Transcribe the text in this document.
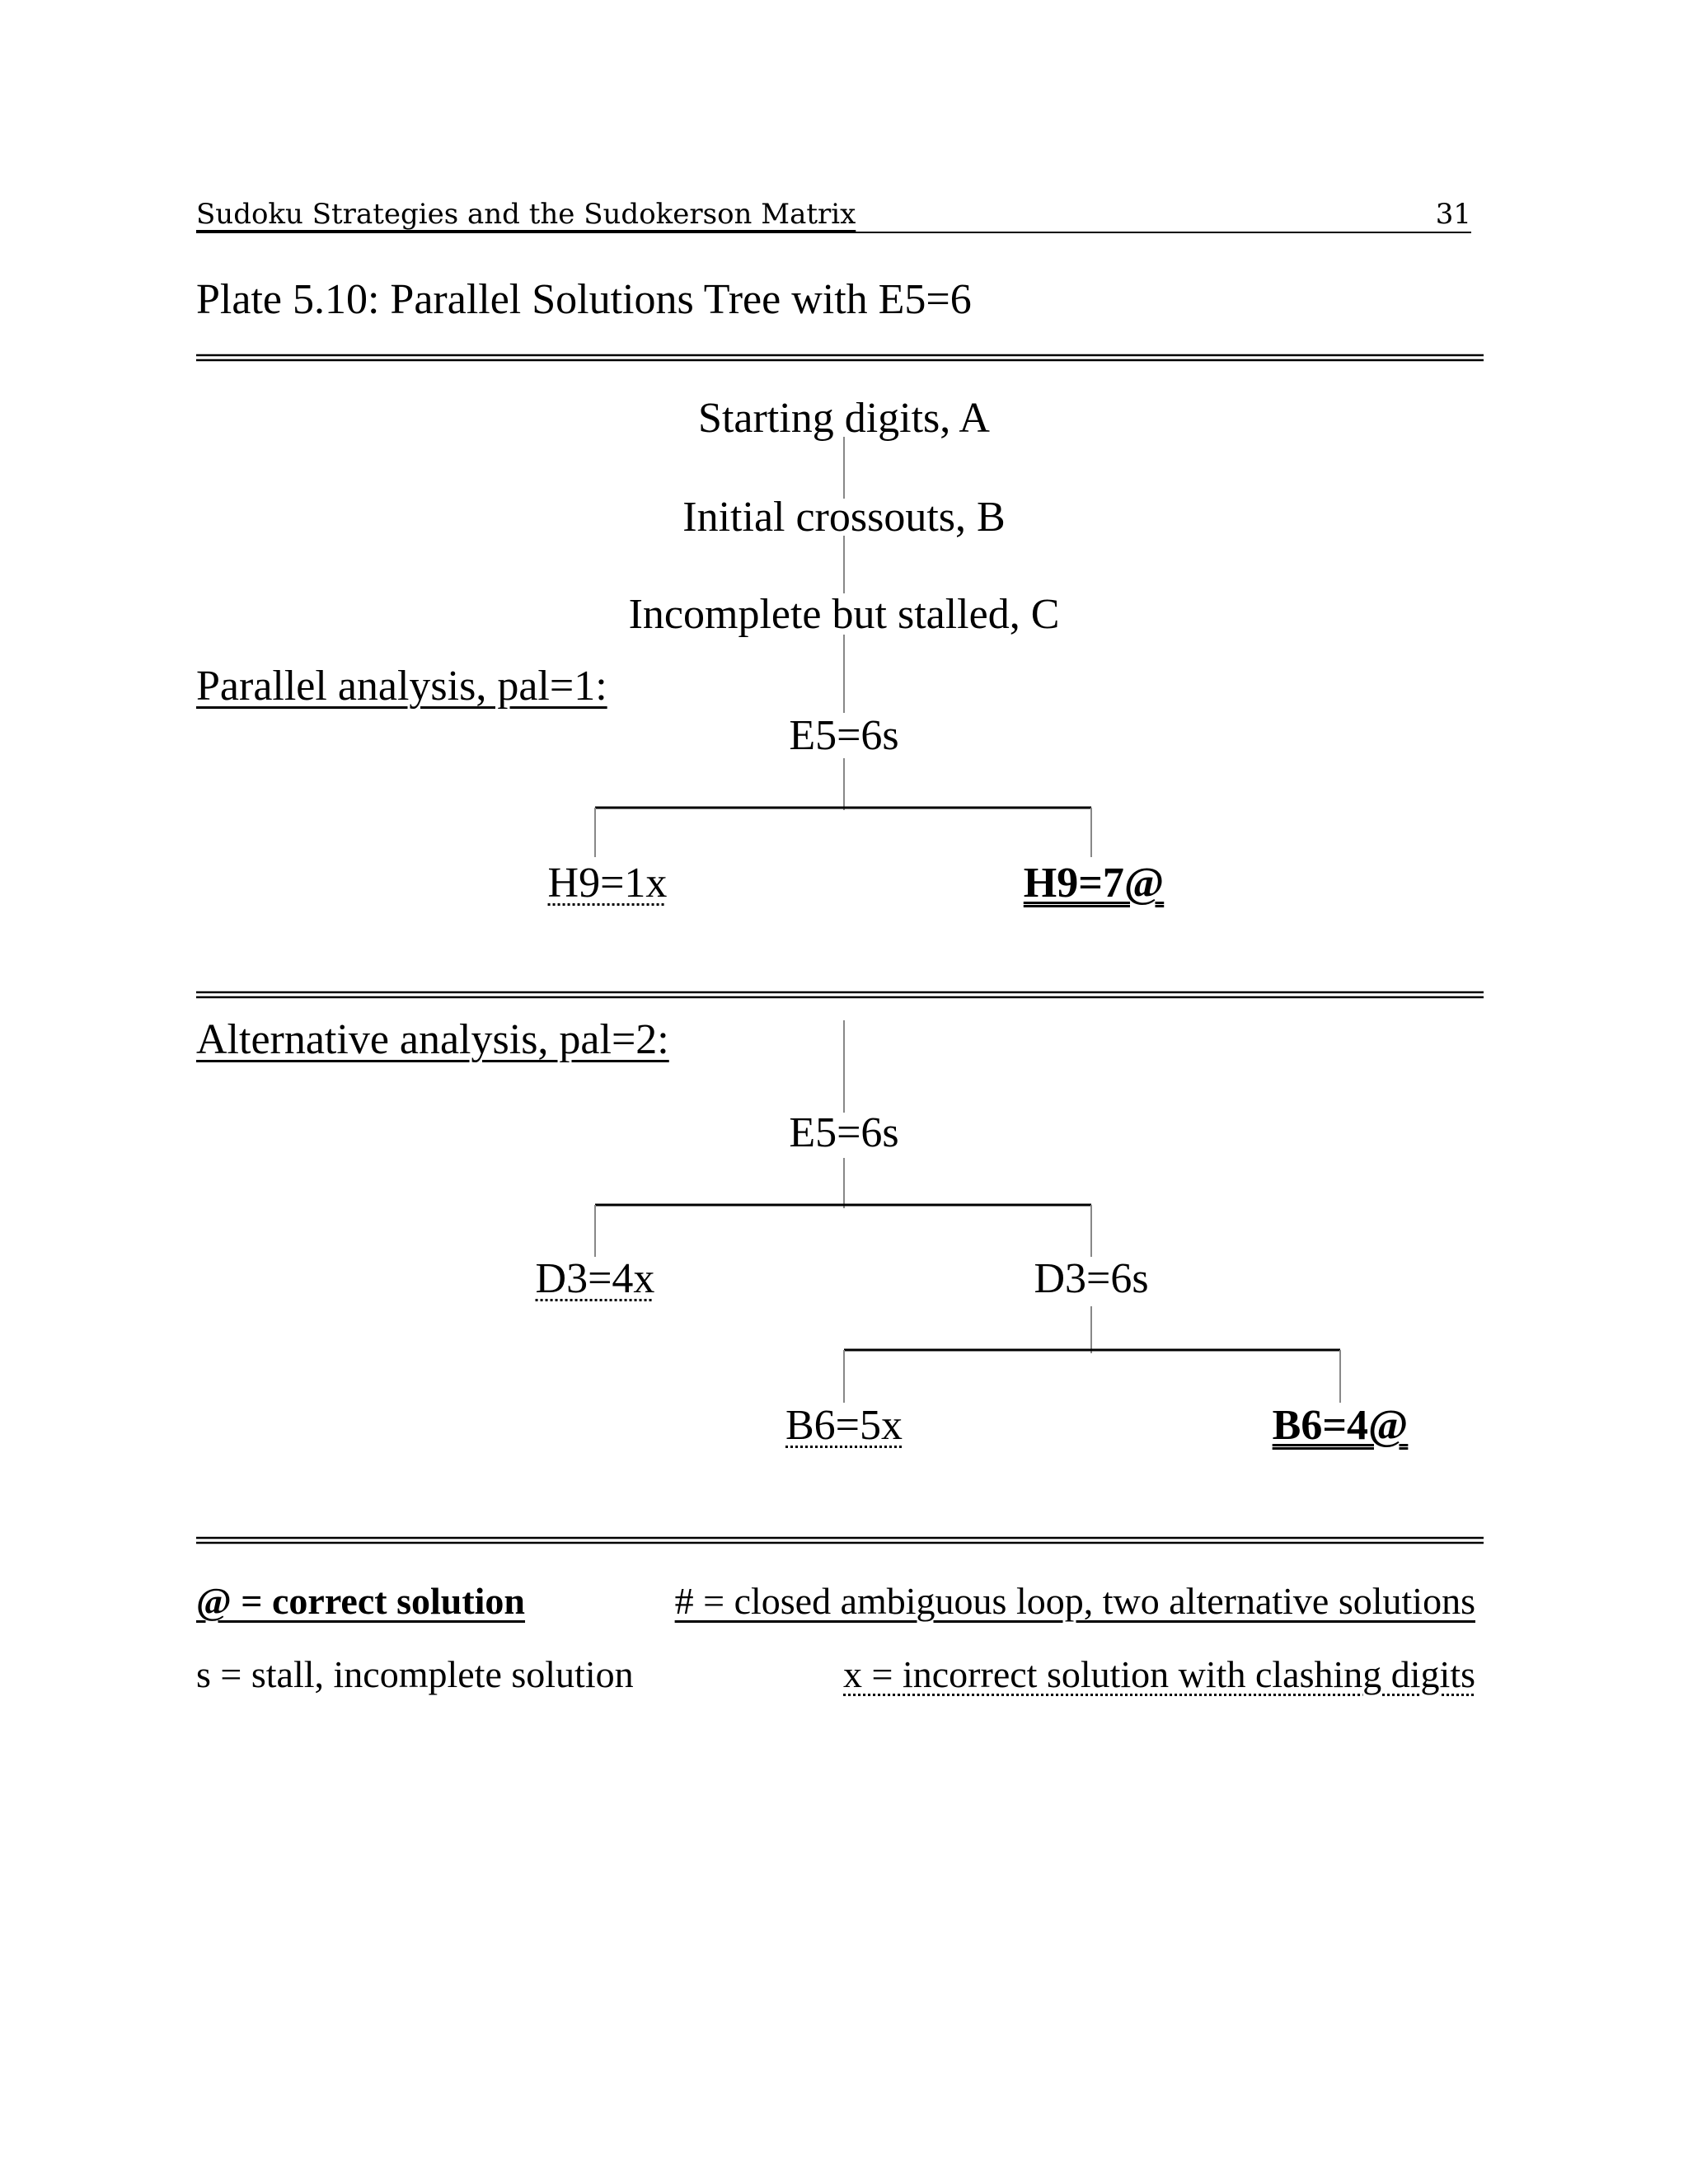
Sudoku Strategies and the Sudokerson Matrix	31
Plate 5.10: Parallel Solutions Tree with E5=6
Starting digits, A
Initial crossouts, B
Incomplete but stalled, C
Parallel analysis, pal=1:
E5=6s
H9=1x	H9=7@
Alternative analysis, pal=2:
E5=6s
D3=4x	D3=6s
B6=5x	B6=4@
@ = correct solution	# = closed ambiguous loop, two alternative solutions
s = stall, incomplete solution	x = incorrect solution with clashing digits
